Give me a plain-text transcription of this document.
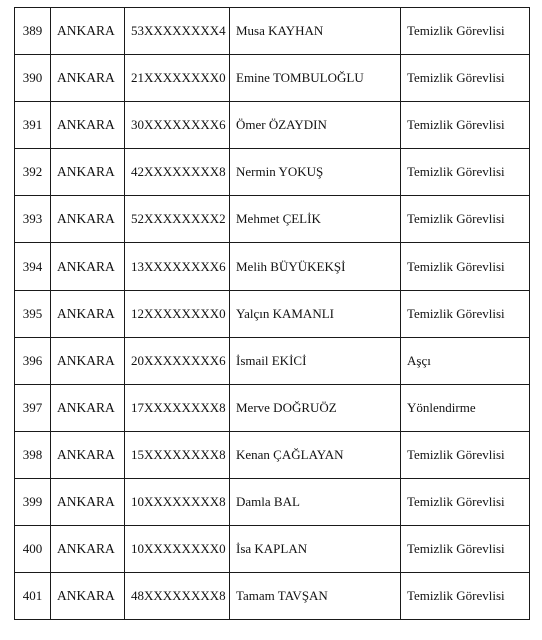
389	ANKARA	53XXXXXXXX4	Musa KAYHAN	Temizlik Görevlisi
390	ANKARA	21XXXXXXXX0	Emine TOMBULOĞLU	Temizlik Görevlisi
391	ANKARA	30XXXXXXXX6	Ömer ÖZAYDIN	Temizlik Görevlisi
392	ANKARA	42XXXXXXXX8	Nermin YOKUŞ	Temizlik Görevlisi
393	ANKARA	52XXXXXXXX2	Mehmet ÇELİK	Temizlik Görevlisi
394	ANKARA	13XXXXXXXX6	Melih BÜYÜKEKŞİ	Temizlik Görevlisi
395	ANKARA	12XXXXXXXX0	Yalçın KAMANLI	Temizlik Görevlisi
396	ANKARA	20XXXXXXXX6	İsmail EKİCİ	Aşçı
397	ANKARA	17XXXXXXXX8	Merve DOĞRUÖZ	Yönlendirme
398	ANKARA	15XXXXXXXX8	Kenan ÇAĞLAYAN	Temizlik Görevlisi
399	ANKARA	10XXXXXXXX8	Damla BAL	Temizlik Görevlisi
400	ANKARA	10XXXXXXXX0	İsa KAPLAN	Temizlik Görevlisi
401	ANKARA	48XXXXXXXX8	Tamam TAVŞAN	Temizlik Görevlisi
